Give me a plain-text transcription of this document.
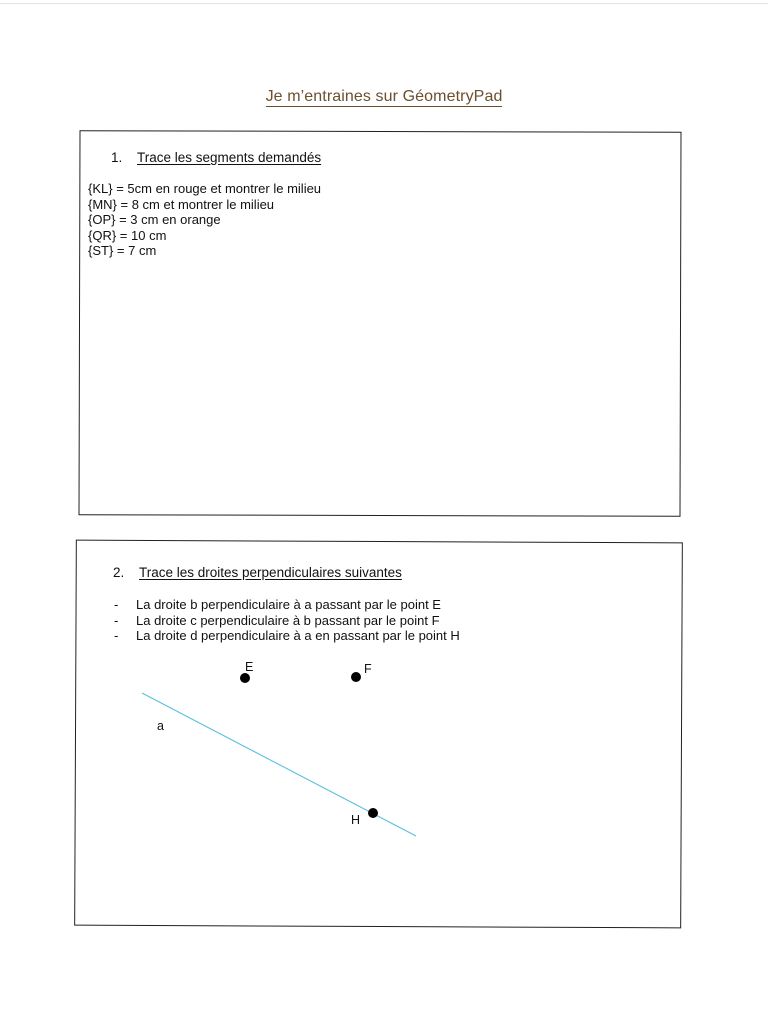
Je m’entraines sur GéometryPad
1. Trace les segments demandés
{KL} = 5cm en rouge et montrer le milieu
{MN} = 8 cm et montrer le milieu
{OP} = 3 cm en orange
{QR} = 10 cm
{ST} = 7 cm
2. Trace les droites perpendiculaires suivantes
-	La droite b perpendiculaire à a passant par le point E
-	La droite c perpendiculaire à b passant par le point F
-	La droite d perpendiculaire à a en passant par le point H
a
E	F
H
